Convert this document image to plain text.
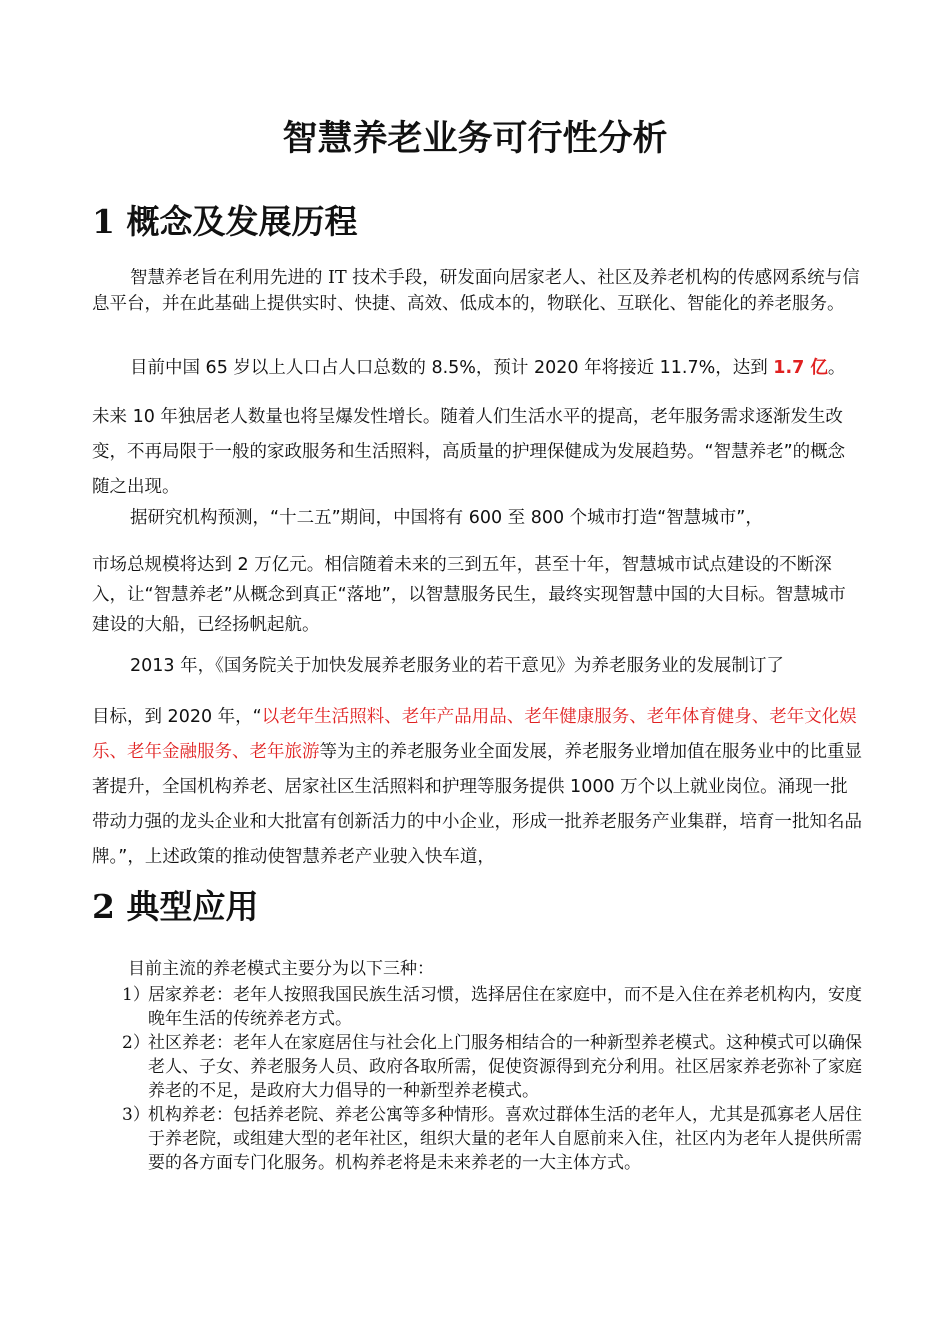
智慧养老业务可行性分析
1 概念及发展历程
智慧养老旨在利用先进的 IT 技术手段，研发面向居家老人、社区及养老机构的传感网系统与信息平台，并在此基础上提供实时、快捷、高效、低成本的，物联化、互联化、智能化的养老服务。
目前中国 65 岁以上人口占人口总数的 8.5%，预计 2020 年将接近 11.7%，达到 1.7 亿。
未来 10 年独居老人数量也将呈爆发性增长。随着人们生活水平的提高，老年服务需求逐渐发生改变，不再局限于一般的家政服务和生活照料，高质量的护理保健成为发展趋势。“智慧养老”的概念随之出现。
据研究机构预测，“十二五”期间，中国将有 600 至 800 个城市打造“智慧城市”，
市场总规模将达到 2 万亿元。相信随着未来的三到五年，甚至十年，智慧城市试点建设的不断深入，让“智慧养老”从概念到真正“落地”，以智慧服务民生，最终实现智慧中国的大目标。智慧城市建设的大船，已经扬帆起航。
2013 年，《国务院关于加快发展养老服务业的若干意见》为养老服务业的发展制订了
目标，到 2020 年，“以老年生活照料、老年产品用品、老年健康服务、老年体育健身、老年文化娱乐、老年金融服务、老年旅游等为主的养老服务业全面发展，养老服务业增加值在服务业中的比重显著提升，全国机构养老、居家社区生活照料和护理等服务提供 1000 万个以上就业岗位。涌现一批带动力强的龙头企业和大批富有创新活力的中小企业，形成一批养老服务产业集群，培育一批知名品牌。”，上述政策的推动使智慧养老产业驶入快车道，
2 典型应用
目前主流的养老模式主要分为以下三种：
1）
居家养老：老年人按照我国民族生活习惯，选择居住在家庭中，而不是入住在养老机构内，安度晚年生活的传统养老方式。
2）
社区养老：老年人在家庭居住与社会化上门服务相结合的一种新型养老模式。这种模式可以确保老人、子女、养老服务人员、政府各取所需，促使资源得到充分利用。社区居家养老弥补了家庭养老的不足，是政府大力倡导的一种新型养老模式。
3）
机构养老：包括养老院、养老公寓等多种情形。喜欢过群体生活的老年人，尤其是孤寡老人居住于养老院，或组建大型的老年社区，组织大量的老年人自愿前来入住，社区内为老年人提供所需要的各方面专门化服务。机构养老将是未来养老的一大主体方式。
